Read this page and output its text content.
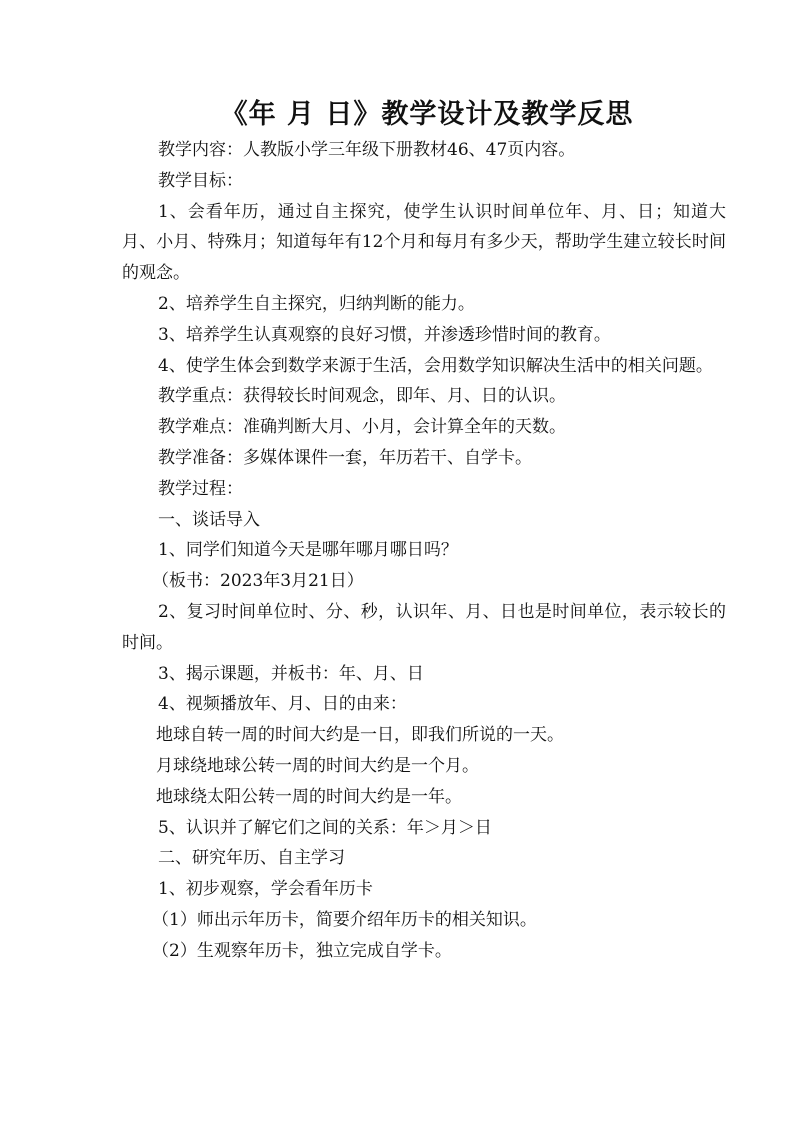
《年 月 日》教学设计及教学反思

教学内容：人教版小学三年级下册教材46、47页内容。

教学目标：

1、会看年历，通过自主探究，使学生认识时间单位年、月、日；知道大月、小月、特殊月；知道每年有12个月和每月有多少天，帮助学生建立较长时间的观念。

2、培养学生自主探究，归纳判断的能力。

3、培养学生认真观察的良好习惯，并渗透珍惜时间的教育。

4、使学生体会到数学来源于生活，会用数学知识解决生活中的相关问题。

教学重点：获得较长时间观念，即年、月、日的认识。

教学难点：准确判断大月、小月，会计算全年的天数。

教学准备：多媒体课件一套，年历若干、自学卡。

教学过程：

一、谈话导入

1、同学们知道今天是哪年哪月哪日吗？

（板书：2023年3月21日）

2、复习时间单位时、分、秒，认识年、月、日也是时间单位，表示较长的时间。

3、揭示课题，并板书：年、月、日

4、视频播放年、月、日的由来：

地球自转一周的时间大约是一日，即我们所说的一天。

月球绕地球公转一周的时间大约是一个月。

地球绕太阳公转一周的时间大约是一年。

5、认识并了解它们之间的关系：年＞月＞日

二、研究年历、自主学习

1、初步观察，学会看年历卡

（1）师出示年历卡，简要介绍年历卡的相关知识。

（2）生观察年历卡，独立完成自学卡。
